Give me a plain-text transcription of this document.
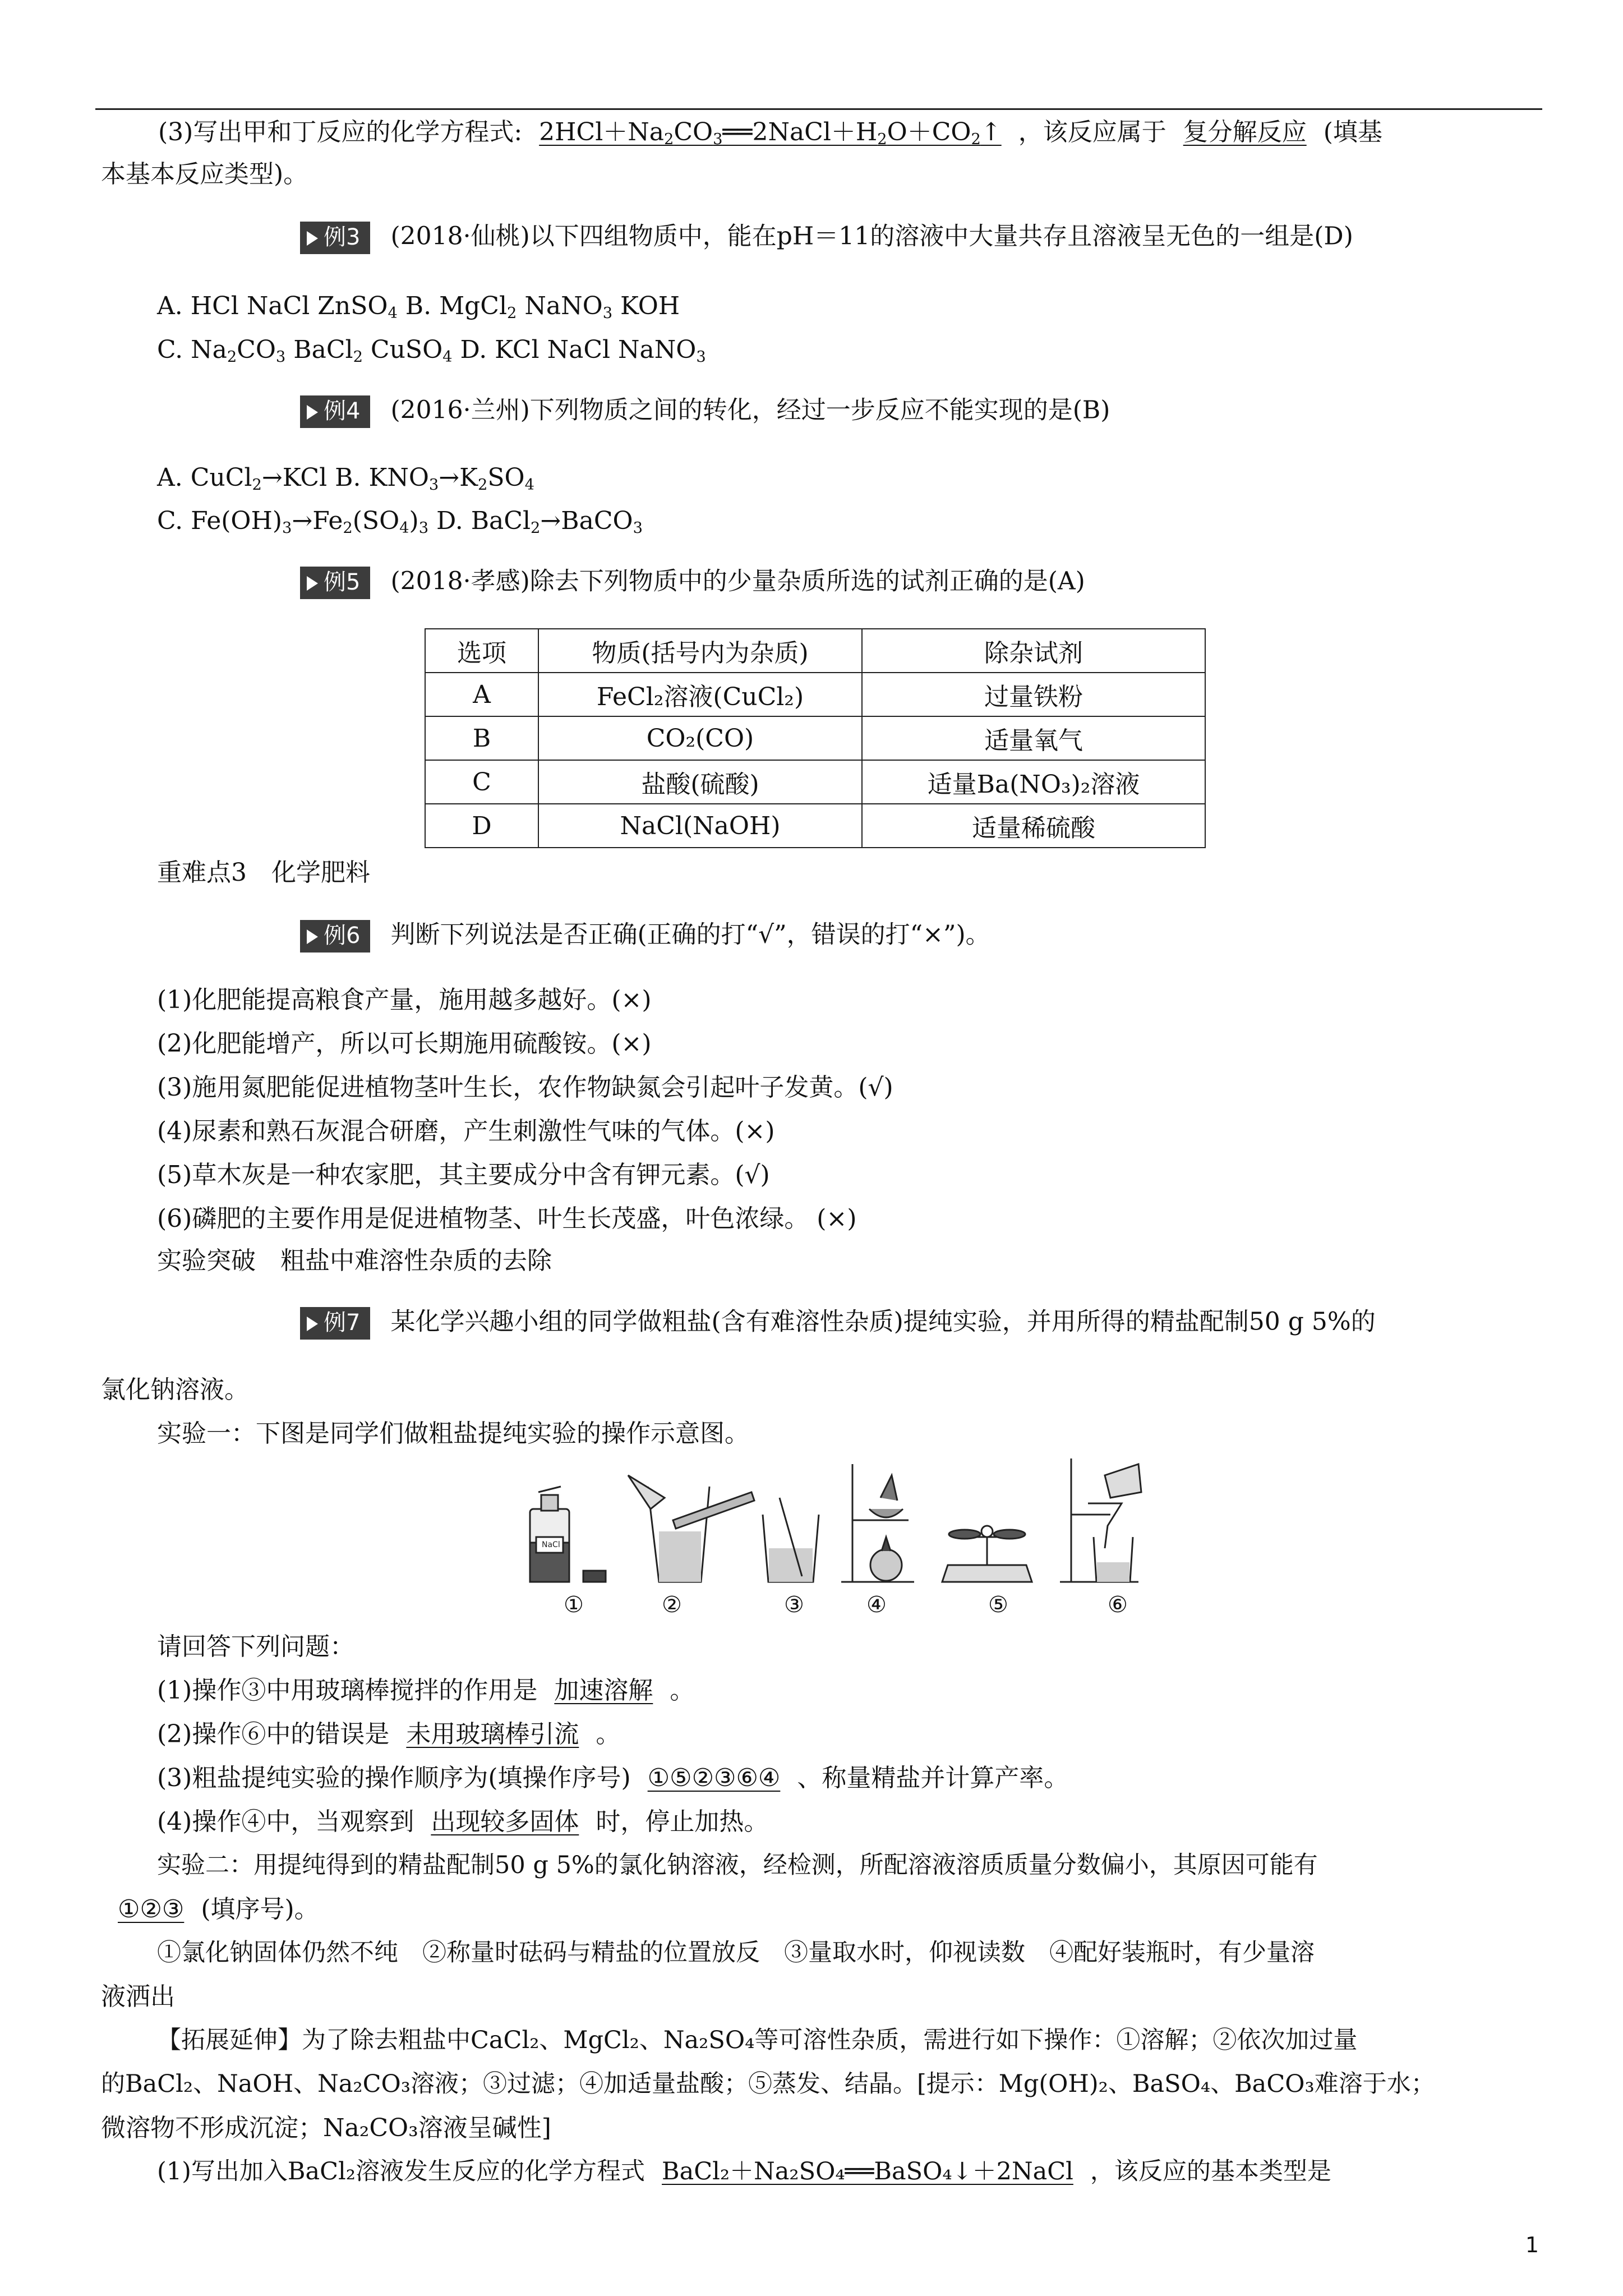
(3)写出甲和丁反应的化学方程式: $2HCl+Na_2CO_3══2NaCl+H_2O+CO_2↑$ ，该反应属于 复分解反应 (填基
本基本反应类型)。
例3 (2018·仙桃)以下四组物质中，能在pH＝11的溶液中大量共存且溶液呈无色的一组是(D)
A. HCl NaCl ZnSO$_4$ B. MgCl$_2$ NaNO$_3$ KOH
C. $Na_2CO_3$ BaCl$_2$ CuSO$_4$ D. KCl NaCl NaNO$_3$
例4 (2016·兰州)下列物质之间的转化，经过一步反应不能实现的是(B)
A. CuCl$_2$→KCl B. $KNO_3\to K_2SO_4$
C. $Fe(OH)_3\to Fe_2(SO_4)_3$ D. BaCl$_2$→BaCO$_3$
例5 (2018·孝感)除去下列物质中的少量杂质所选的试剂正确的是(A)
选项	物质(括号内为杂质)	除杂试剂
A	FeCl₂溶液(CuCl₂)	过量铁粉
B	CO₂(CO)	适量氧气
C	盐酸(硫酸)	适量Ba(NO₃)₂溶液
D	NaCl(NaOH)	适量稀硫酸
重难点3　化学肥料
例6 判断下列说法是否正确(正确的打“√”，错误的打“×”)。
(1)化肥能提高粮食产量，施用越多越好。(×)
(2)化肥能增产，所以可长期施用硫酸铵。(×)
(3)施用氮肥能促进植物茎叶生长，农作物缺氮会引起叶子发黄。(√)
(4)尿素和熟石灰混合研磨，产生刺激性气味的气体。(×)
(5)草木灰是一种农家肥，其主要成分中含有钾元素。(√)
(6)磷肥的主要作用是促进植物茎、叶生长茂盛，叶色浓绿。 (×)
实验突破　粗盐中难溶性杂质的去除
例7 某化学兴趣小组的同学做粗盐(含有难溶性杂质)提纯实验，并用所得的精盐配制50 g 5%的
氯化钠溶液。
实验一：下图是同学们做粗盐提纯实验的操作示意图。
NaCl
①	②	③	④	⑤	⑥
请回答下列问题：
(1)操作③中用玻璃棒搅拌的作用是 加速溶解 。
(2)操作⑥中的错误是 未用玻璃棒引流 。
(3)粗盐提纯实验的操作顺序为(填操作序号) ①⑤②③⑥④ 、称量精盐并计算产率。
(4)操作④中，当观察到 出现较多固体 时，停止加热。
实验二：用提纯得到的精盐配制50 g 5%的氯化钠溶液，经检测，所配溶液溶质质量分数偏小，其原因可能有
①②③ (填序号)。
①氯化钠固体仍然不纯　②称量时砝码与精盐的位置放反　③量取水时，仰视读数　④配好装瓶时，有少量溶
液洒出
【拓展延伸】为了除去粗盐中CaCl₂、MgCl₂、Na₂SO₄等可溶性杂质，需进行如下操作：①溶解；②依次加过量
的BaCl₂、NaOH、Na₂CO₃溶液；③过滤；④加适量盐酸；⑤蒸发、结晶。[提示：Mg(OH)₂、BaSO₄、BaCO₃难溶于水；
微溶物不形成沉淀；Na₂CO₃溶液呈碱性]
(1)写出加入BaCl₂溶液发生反应的化学方程式 BaCl₂＋Na₂SO₄══BaSO₄↓＋2NaCl ，该反应的基本类型是
1
